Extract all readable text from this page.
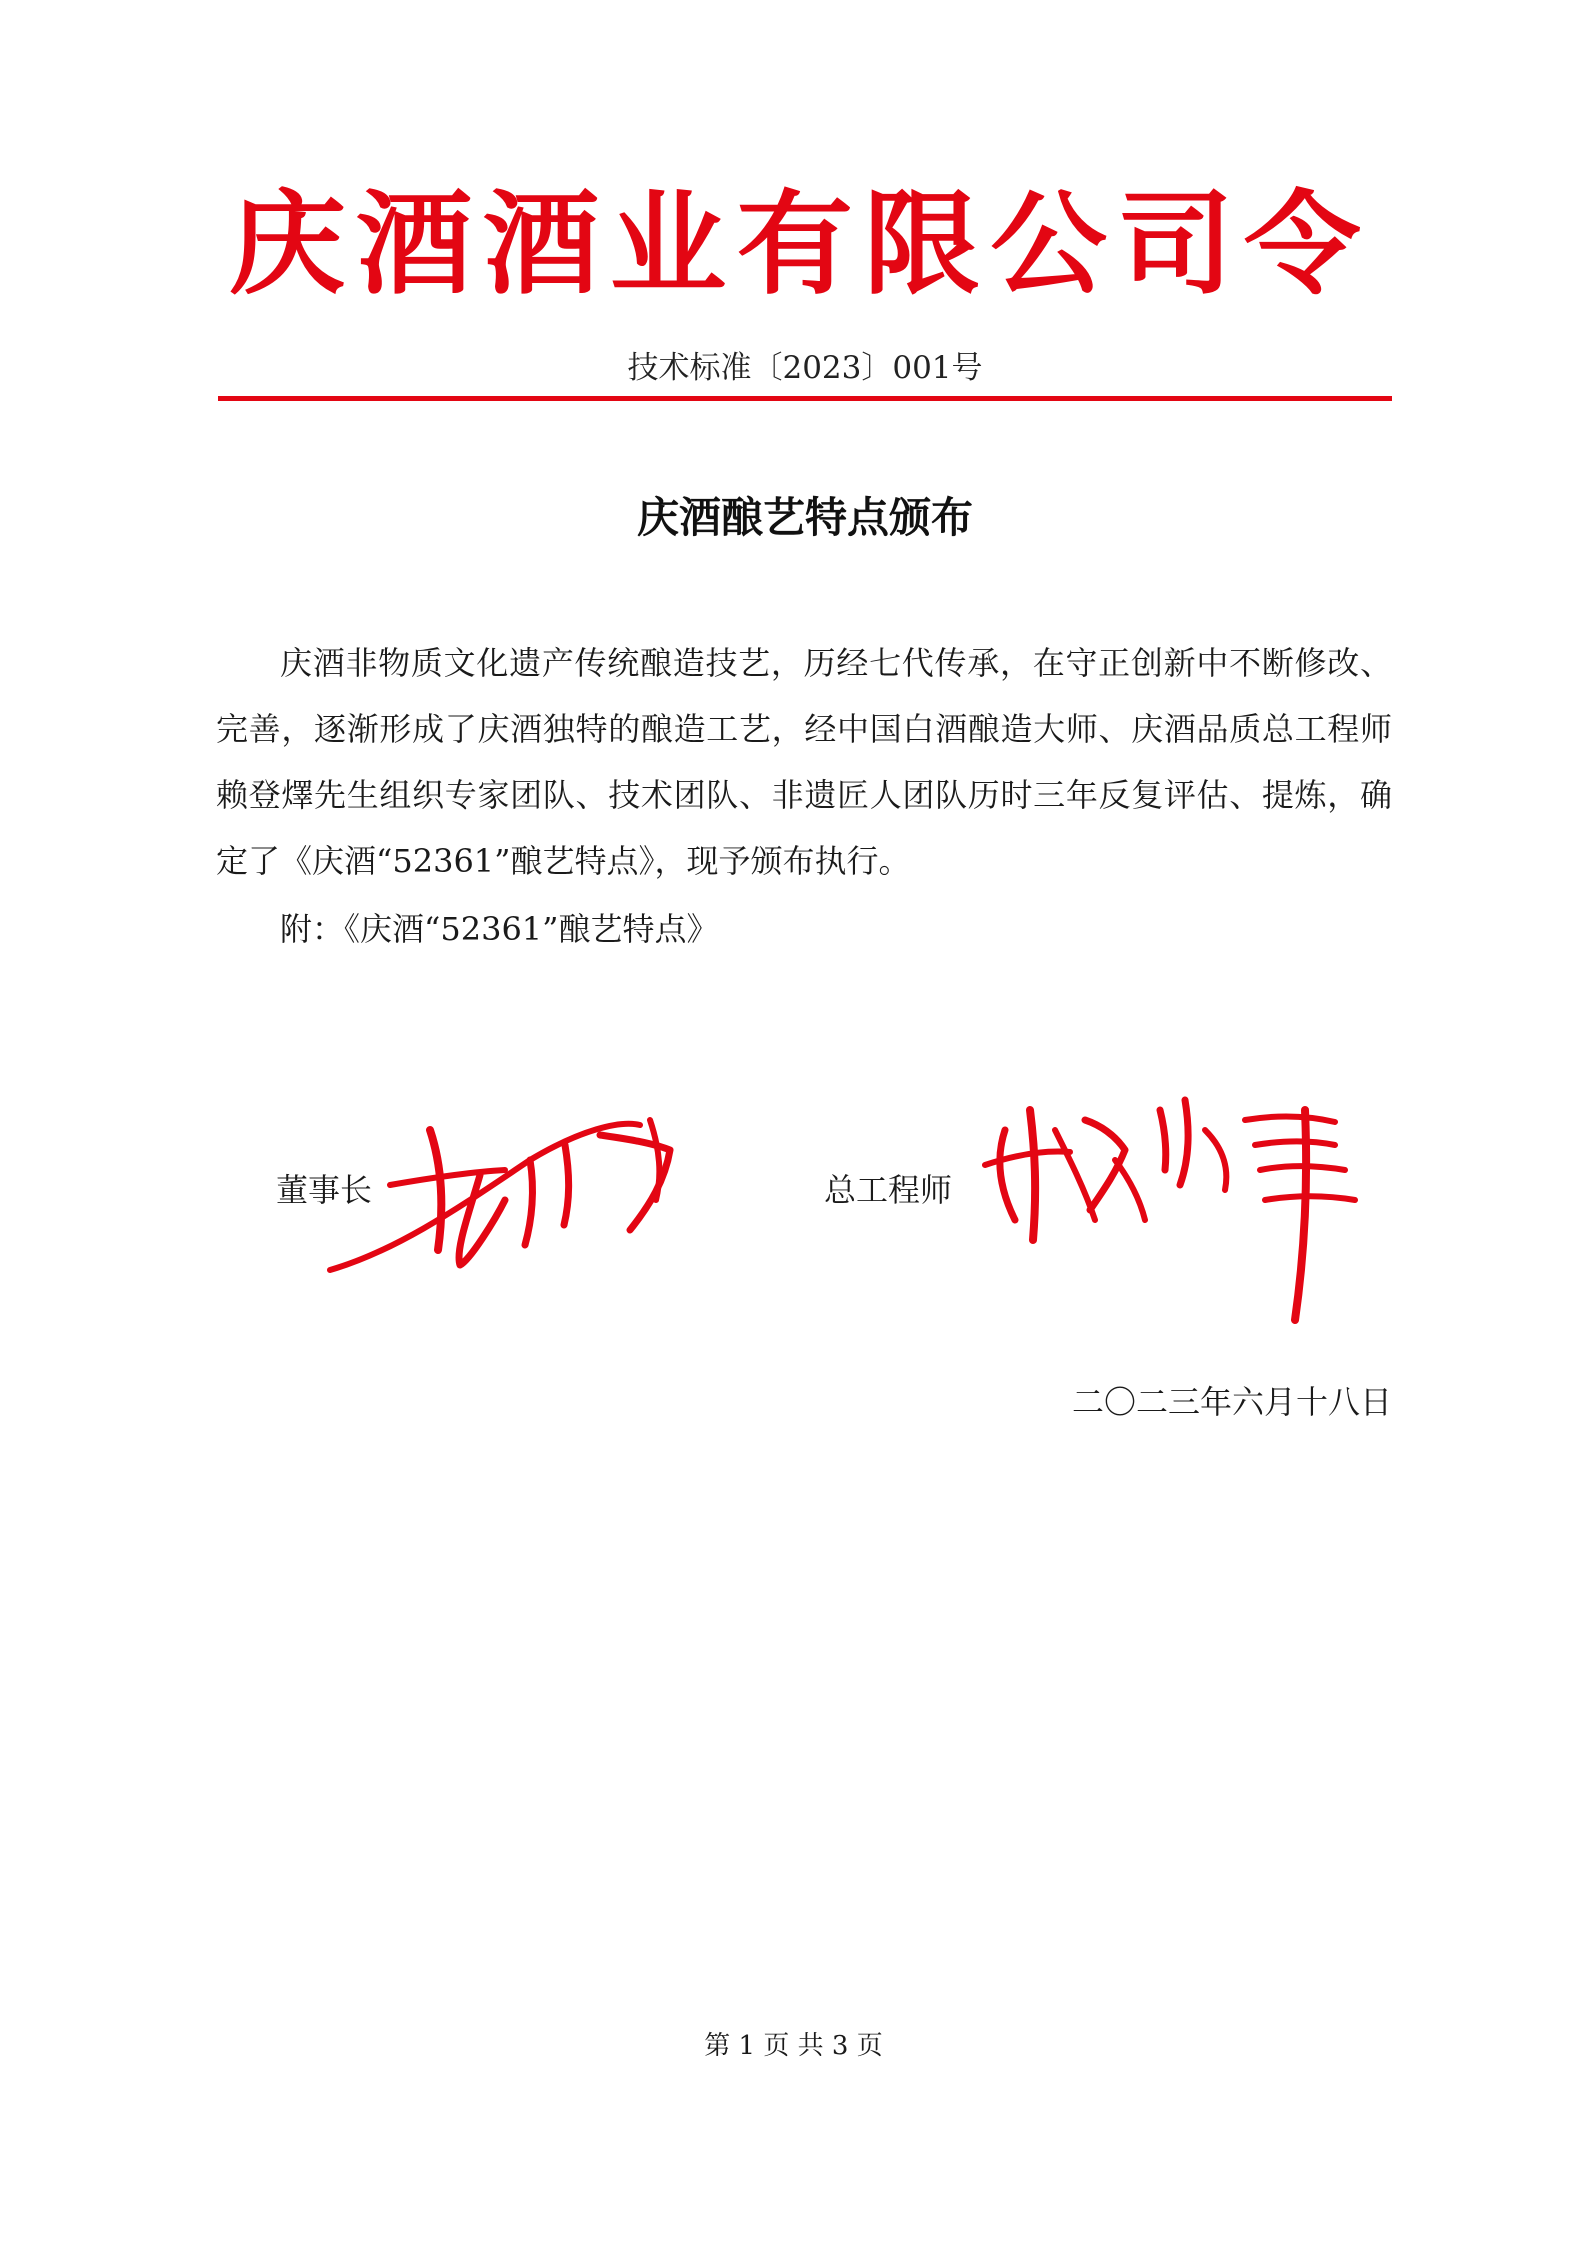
庆酒酒业有限公司令
技术标准〔2023〕001号
庆酒酿艺特点颁布

庆酒非物质文化遗产传统酿造技艺，历经七代传承，在守正创新中不断修改、完善，逐渐形成了庆酒独特的酿造工艺，经中国白酒酿造大师、庆酒品质总工程师赖登燡先生组织专家团队、技术团队、非遗匠人团队历时三年反复评估、提炼，确定了《庆酒“52361”酿艺特点》，现予颁布执行。

附：《庆酒“52361”酿艺特点》
董事长	总工程师
二〇二三年六月十八日
第 1 页 共 3 页
